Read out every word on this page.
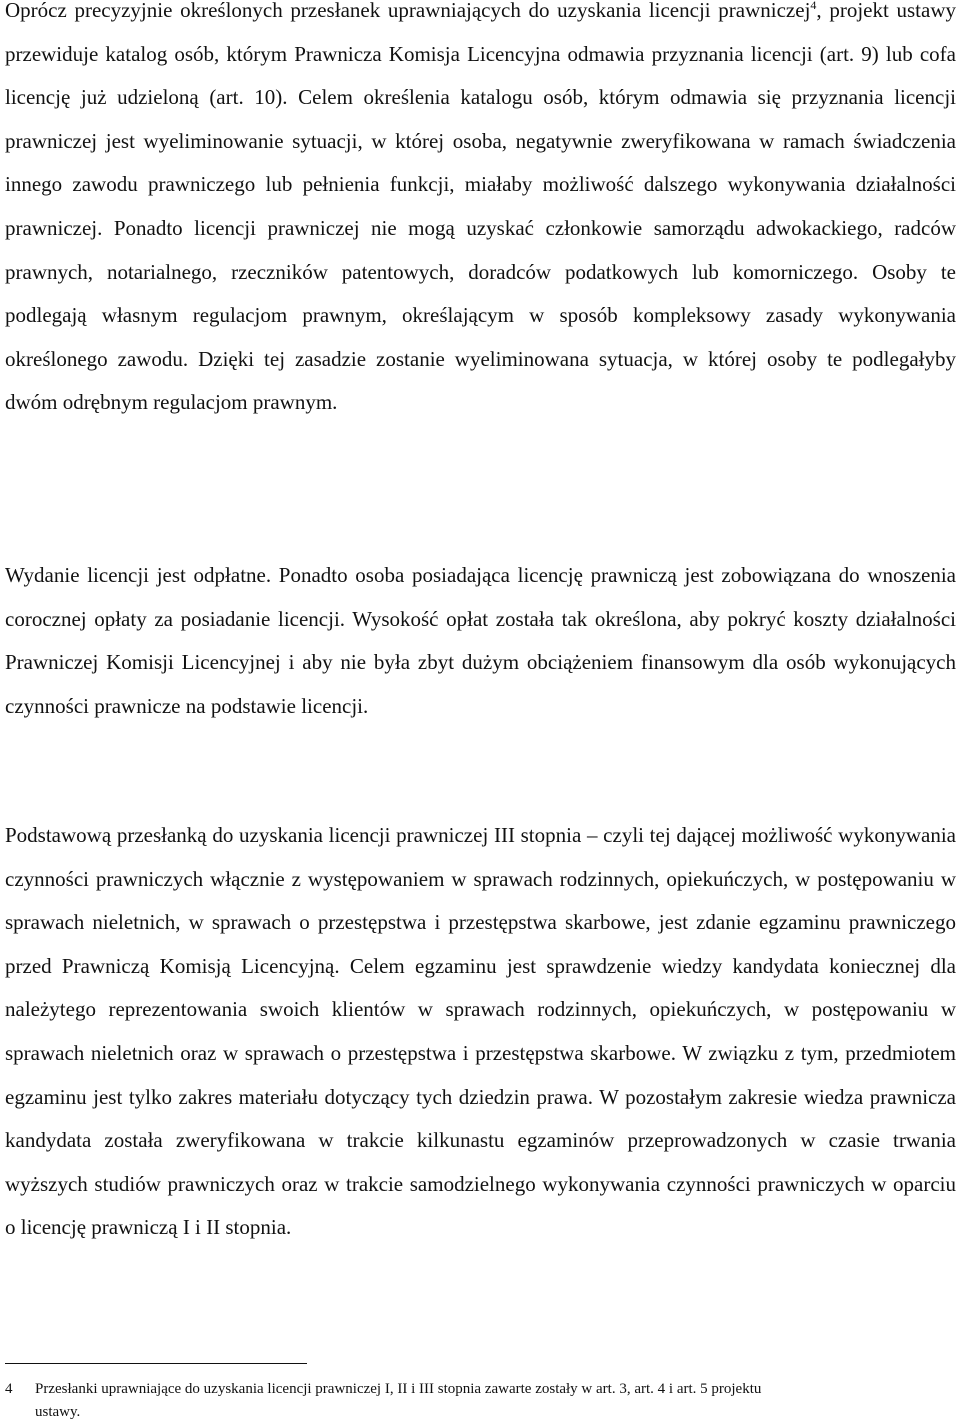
Oprócz precyzyjnie określonych przesłanek uprawniających do uzyskania licencji prawniczej$^4$, projekt ustawy przewiduje katalog osób, którym Prawnicza Komisja Licencyjna odmawia przyznania licencji (art. 9) lub cofa licencję już udzieloną (art. 10). Celem określenia katalogu osób, którym odmawia się przyznania licencji prawniczej jest wyeliminowanie sytuacji, w której osoba, negatywnie zweryfikowana w ramach świadczenia innego zawodu prawniczego lub pełnienia funkcji, miałaby możliwość dalszego wykonywania działalności prawniczej. Ponadto licencji prawniczej nie mogą uzyskać członkowie samorządu adwokackiego, radców prawnych, notarialnego, rzeczników patentowych, doradców podatkowych lub komorniczego. Osoby te podlegają własnym regulacjom prawnym, określającym w sposób kompleksowy zasady wykonywania określonego zawodu. Dzięki tej zasadzie zostanie wyeliminowana sytuacja, w której osoby te podlegałyby dwóm odrębnym regulacjom prawnym.

Wydanie licencji jest odpłatne. Ponadto osoba posiadająca licencję prawniczą jest zobowiązana do wnoszenia corocznej opłaty za posiadanie licencji. Wysokość opłat została tak określona, aby pokryć koszty działalności Prawniczej Komisji Licencyjnej i aby nie była zbyt dużym obciążeniem finansowym dla osób wykonujących czynności prawnicze na podstawie licencji.

Podstawową przesłanką do uzyskania licencji prawniczej III stopnia – czyli tej dającej możliwość wykonywania czynności prawniczych włącznie z występowaniem w sprawach rodzinnych, opiekuńczych, w postępowaniu w sprawach nieletnich, w sprawach o przestępstwa i przestępstwa skarbowe, jest zdanie egzaminu prawniczego przed Prawniczą Komisją Licencyjną. Celem egzaminu jest sprawdzenie wiedzy kandydata koniecznej dla należytego reprezentowania swoich klientów w sprawach rodzinnych, opiekuńczych, w postępowaniu w sprawach nieletnich oraz w sprawach o przestępstwa i przestępstwa skarbowe. W związku z tym, przedmiotem egzaminu jest tylko zakres materiału dotyczący tych dziedzin prawa. W pozostałym zakresie wiedza prawnicza kandydata została zweryfikowana w trakcie kilkunastu egzaminów przeprowadzonych w czasie trwania wyższych studiów prawniczych oraz w trakcie samodzielnego wykonywania czynności prawniczych w oparciu o licencję prawniczą I i II stopnia.

4 Przesłanki uprawniające do uzyskania licencji prawniczej I, II i III stopnia zawarte zostały w art. 3, art. 4 i art. 5 projektu
ustawy.
